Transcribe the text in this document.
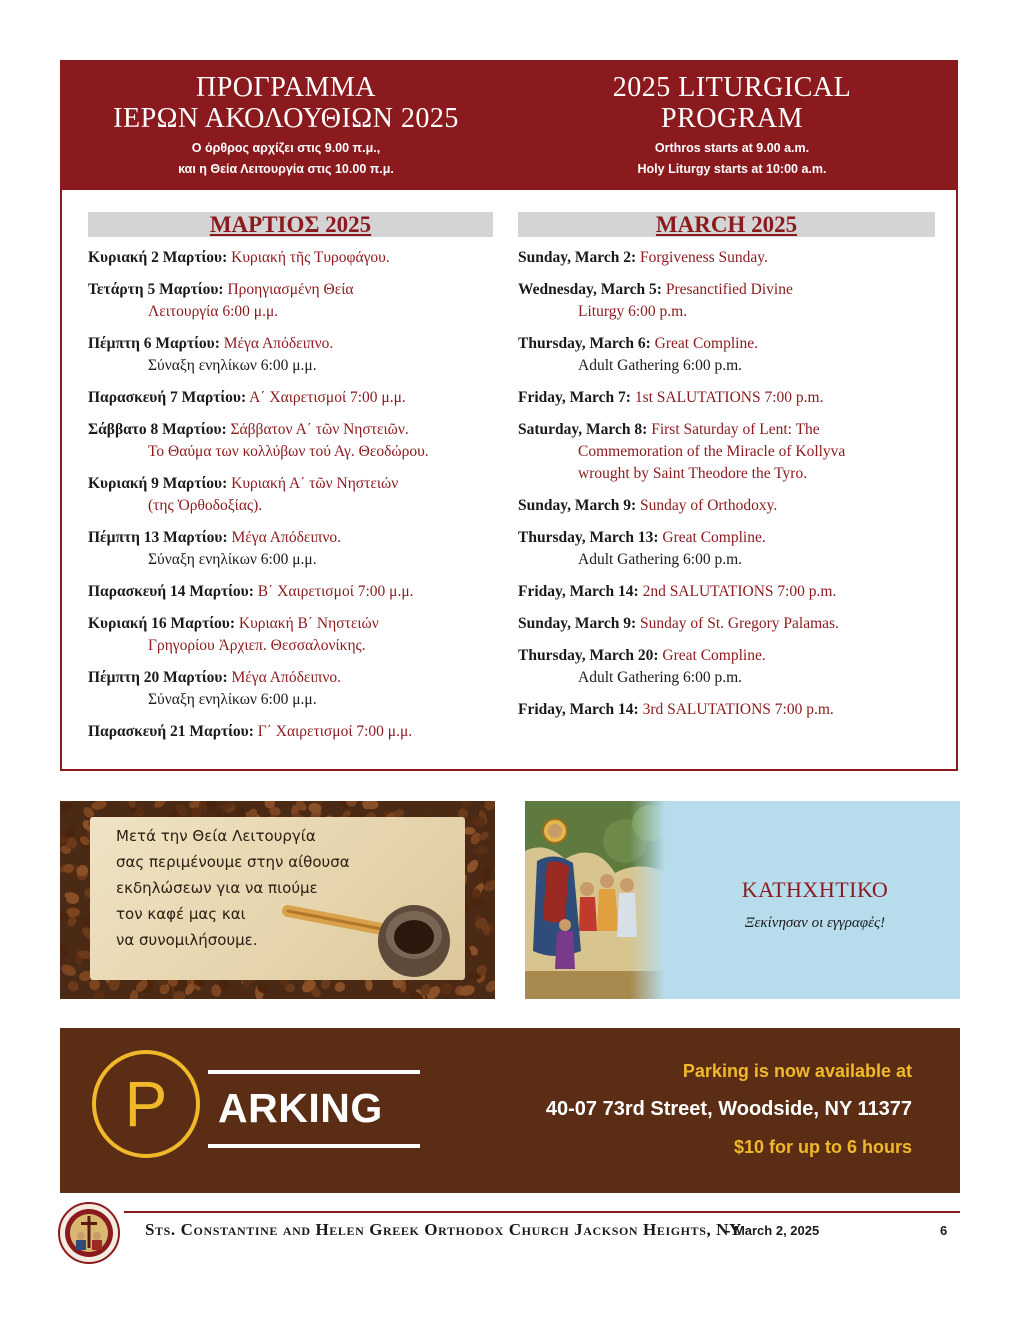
ΠΡΟΓΡΑΜΜΑ
ΙΕΡΩΝ ΑΚΟΛΟΥΘΙΩΝ 2025
Ο όρθρος αρχίζει στις 9.00 π.μ.,
και η Θεία Λειτουργία στις 10.00 π.μ.
2025 LITURGICAL
PROGRAM
Orthros starts at 9.00 a.m.
Holy Liturgy starts at 10:00 a.m.
ΜΑΡΤΙΟΣ 2025
Κυριακή 2 Μαρτίου: Κυριακή τῆς Τυροφάγου.
Τετάρτη 5 Μαρτίου: Προηγιασμένη Θεία
Λειτουργία 6:00 μ.μ.
Πέμπτη 6 Μαρτίου: Μέγα Απόδειπνο.
Σύναξη ενηλίκων 6:00 μ.μ.
Παρασκευή 7 Μαρτίου: Α΄ Χαιρετισμοί 7:00 μ.μ.
Σάββατο 8 Μαρτίου: Σάββατον Α΄ τῶν Νηστειῶν.
Το Θαύμα των κολλύβων τού Αγ. Θεοδώρου.
Κυριακή 9 Μαρτίου: Κυριακή Α΄ τῶν Νηστειών
(της Ὀρθοδοξίας).
Πέμπτη 13 Μαρτίου: Μέγα Απόδειπνο.
Σύναξη ενηλίκων 6:00 μ.μ.
Παρασκευή 14 Μαρτίου: Β΄ Χαιρετισμοί 7:00 μ.μ.
Κυριακή 16 Μαρτίου: Κυριακή Β΄ Νηστειών
Γρηγορίου Ἀρχιεπ. Θεσσαλονίκης.
Πέμπτη 20 Μαρτίου: Μέγα Απόδειπνο.
Σύναξη ενηλίκων 6:00 μ.μ.
Παρασκευή 21 Μαρτίου: Γ΄ Χαιρετισμοί 7:00 μ.μ.
MARCH 2025
Sunday, March 2: Forgiveness Sunday.
Wednesday, March 5: Presanctified Divine
Liturgy 6:00 p.m.
Thursday, March 6: Great Compline.
Adult Gathering 6:00 p.m.
Friday, March 7: 1st SALUTATIONS 7:00 p.m.
Saturday, March 8: First Saturday of Lent: The
Commemoration of the Miracle of Kollyva
wrought by Saint Theodore the Tyro.
Sunday, March 9: Sunday of Orthodoxy.
Thursday, March 13: Great Compline.
Adult Gathering 6:00 p.m.
Friday, March 14: 2nd SALUTATIONS 7:00 p.m.
Sunday, March 9: Sunday of St. Gregory Palamas.
Thursday, March 20: Great Compline.
Adult Gathering 6:00 p.m.
Friday, March 14: 3rd SALUTATIONS 7:00 p.m.
Μετά την Θεία Λειτουργία
σας περιμένουμε στην αίθουσα
εκδηλώσεων για να πιούμε
τον καφέ μας και
να συνομιλήσουμε.
ΚΑΤΗΧΗΤΙΚΟ
Ξεκίνησαν οι εγγραφές!
P	ARKING
Parking is now available at
40-07 73rd Street, Woodside, NY 11377
$10 for up to 6 hours
Sts. Constantine and Helen Greek Orthodox Church Jackson Heights, NY
- March 2, 2025	6
